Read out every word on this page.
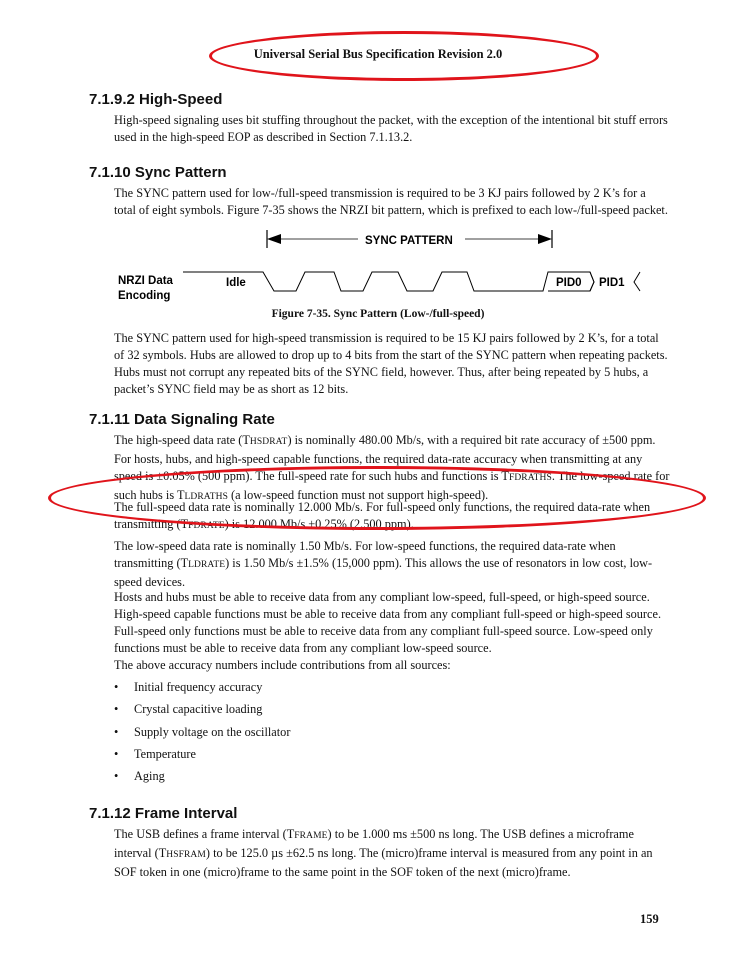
Universal Serial Bus Specification Revision 2.0
7.1.9.2 High-Speed

High-speed signaling uses bit stuffing throughout the packet, with the exception of the intentional bit stuff errors used in the high-speed EOP as described in Section 7.1.13.2.

7.1.10 Sync Pattern

The SYNC pattern used for low-/full-speed transmission is required to be 3 KJ pairs followed by 2 K’s for a total of eight symbols. Figure 7-35 shows the NRZI bit pattern, which is prefixed to each low-/full-speed packet.

SYNC PATTERN
NRZI Data
Encoding
Idle	PID0 PID1
Figure 7-35. Sync Pattern (Low-/full-speed)

The SYNC pattern used for high-speed transmission is required to be 15 KJ pairs followed by 2 K’s, for a total of 32 symbols. Hubs are allowed to drop up to 4 bits from the start of the SYNC pattern when repeating packets. Hubs must not corrupt any repeated bits of the SYNC field, however. Thus, after being repeated by 5 hubs, a packet’s SYNC field may be as short as 12 bits.

7.1.11 Data Signaling Rate

The high-speed data rate (THSDRAT) is nominally 480.00 Mb/s, with a required bit rate accuracy of ±500 ppm. For hosts, hubs, and high-speed capable functions, the required data-rate accuracy when transmitting at any speed is ±0.05% (500 ppm). The full-speed rate for such hubs and functions is TFDRATHS. The low-speed rate for such hubs is TLDRATHS (a low-speed function must not support high-speed).

The full-speed data rate is nominally 12.000 Mb/s. For full-speed only functions, the required data-rate when transmitting (TFDRATE) is 12.000 Mb/s ±0.25% (2,500 ppm).

The low-speed data rate is nominally 1.50 Mb/s. For low-speed functions, the required data-rate when transmitting (TLDRATE) is 1.50 Mb/s ±1.5% (15,000 ppm). This allows the use of resonators in low cost, low-speed devices.

Hosts and hubs must be able to receive data from any compliant low-speed, full-speed, or high-speed source. High-speed capable functions must be able to receive data from any compliant full-speed or high-speed source. Full-speed only functions must be able to receive data from any compliant full-speed source. Low-speed only functions must be able to receive data from any compliant low-speed source.

The above accuracy numbers include contributions from all sources:

• Initial frequency accuracy
• Crystal capacitive loading
• Supply voltage on the oscillator
• Temperature
• Aging
7.1.12 Frame Interval

The USB defines a frame interval (TFRAME) to be 1.000 ms ±500 ns long. The USB defines a microframe interval (THSFRAM) to be 125.0 µs ±62.5 ns long. The (micro)frame interval is measured from any point in an SOF token in one (micro)frame to the same point in the SOF token of the next (micro)frame.

159
